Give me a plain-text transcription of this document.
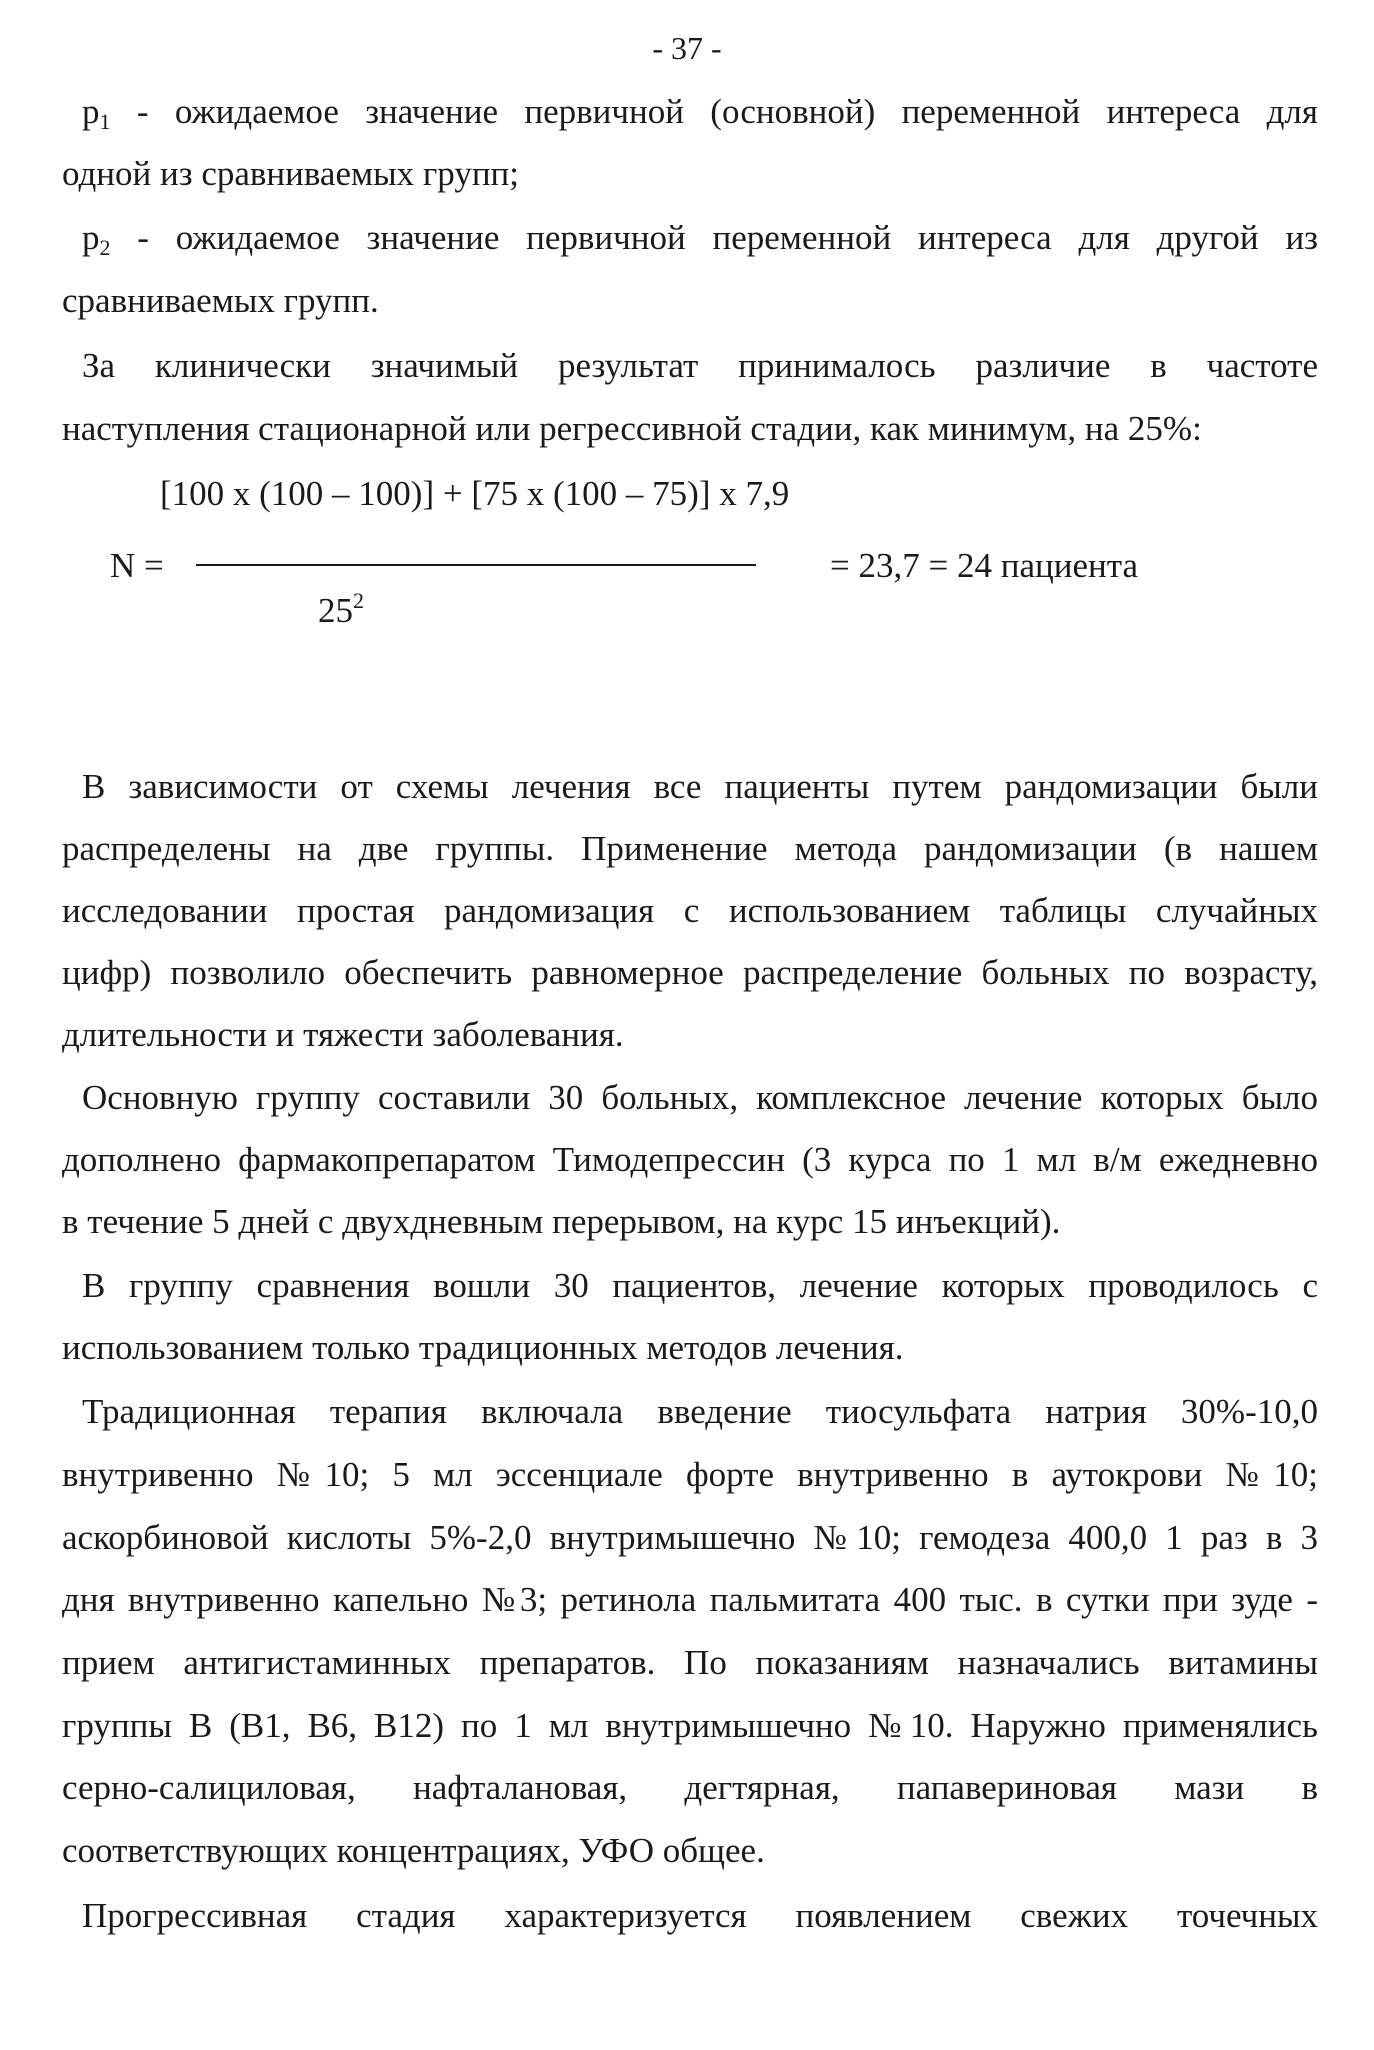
- 37 -
$p_1$ - ожидаемое значение первичной (основной) переменной интереса для
одной из сравниваемых групп;
$p_2$ - ожидаемое значение первичной переменной интереса для другой из
сравниваемых групп.
За клинически значимый результат принималось различие в частоте
наступления стационарной или регрессивной стадии, как минимум, на 25%:
[100 x (100 – 100)] + [75 x (100 – 75)] x 7,9
N =	= 23,7 = 24 пациента
$25^2$
В зависимости от схемы лечения все пациенты путем рандомизации были
распределены на две группы. Применение метода рандомизации (в нашем
исследовании простая рандомизация с использованием таблицы случайных
цифр) позволило обеспечить равномерное распределение больных по возрасту,
длительности и тяжести заболевания.
Основную группу составили 30 больных, комплексное лечение которых было
дополнено фармакопрепаратом Тимодепрессин (3 курса по 1 мл в/м ежедневно
в течение 5 дней с двухдневным перерывом, на курс 15 инъекций).
В группу сравнения вошли 30 пациентов, лечение которых проводилось с
использованием только традиционных методов лечения.
Традиционная терапия включала введение тиосульфата натрия 30%-10,0
внутривенно №10; 5 мл эссенциале форте внутривенно в аутокрови №10;
аскорбиновой кислоты 5%-2,0 внутримышечно №10; гемодеза 400,0 1 раз в 3
дня внутривенно капельно №3; ретинола пальмитата 400 тыс. в сутки при зуде -
прием антигистаминных препаратов. По показаниям назначались витамины
группы В (В1, В6, В12) по 1 мл внутримышечно №10. Наружно применялись
серно-салициловая, нафталановая, дегтярная, папавериновая мази в
соответствующих концентрациях, УФО общее.
Прогрессивная стадия характеризуется появлением свежих точечных
